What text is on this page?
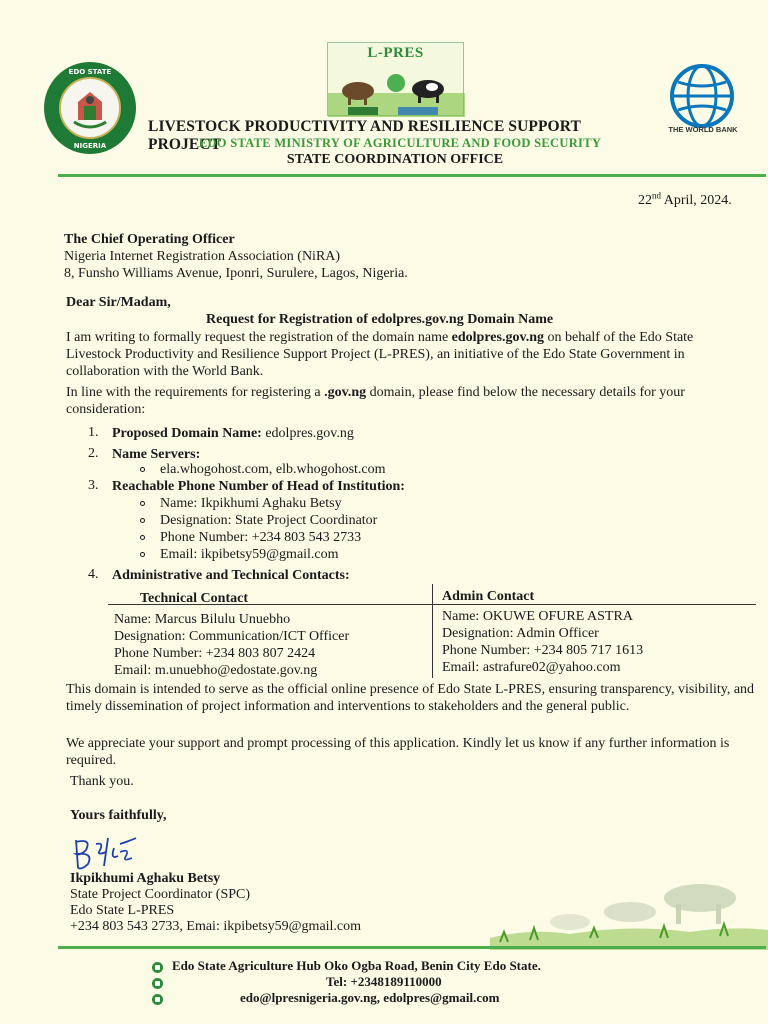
EDO STATE
NIGERIA
L-PRES
THE WORLD BANK
LIVESTOCK PRODUCTIVITY AND RESILIENCE SUPPORT PROJECT
EDO STATE MINISTRY OF AGRICULTURE AND FOOD SECURITY
STATE COORDINATION OFFICE
22nd April, 2024.
The Chief Operating Officer
Nigeria Internet Registration Association (NiRA)
8, Funsho Williams Avenue, Iponri, Surulere, Lagos, Nigeria.
Dear Sir/Madam,
Request for Registration of edolpres.gov.ng Domain Name
I am writing to formally request the registration of the domain name edolpres.gov.ng on behalf of the Edo State Livestock Productivity and Resilience Support Project (L-PRES), an initiative of the Edo State Government in collaboration with the World Bank.
In line with the requirements for registering a .gov.ng domain, please find below the necessary details for your consideration:
1. Proposed Domain Name: edolpres.gov.ng
2. Name Servers:
ela.whogohost.com, elb.whogohost.com
3. Reachable Phone Number of Head of Institution:
Name: Ikpikhumi Aghaku Betsy
Designation: State Project Coordinator
Phone Number: +234 803 543 2733
Email: ikpibetsy59@gmail.com
4. Administrative and Technical Contacts:
Technical Contact	Admin Contact
Name: Marcus Bilulu Unuebho
Designation: Communication/ICT Officer
Phone Number: +234 803 807 2424
Email: m.unuebho@edostate.gov.ng
Name: OKUWE OFURE ASTRA
Designation: Admin Officer
Phone Number: +234 805 717 1613
Email: astrafure02@yahoo.com
This domain is intended to serve as the official online presence of Edo State L-PRES, ensuring transparency, visibility, and timely dissemination of project information and interventions to stakeholders and the general public.
We appreciate your support and prompt processing of this application. Kindly let us know if any further information is required.
Thank you.
Yours faithfully,
Ikpikhumi Aghaku Betsy
State Project Coordinator (SPC)
Edo State L-PRES
+234 803 543 2733, Emai: ikpibetsy59@gmail.com
Edo State Agriculture Hub Oko Ogba Road, Benin City Edo State.
Tel: +2348189110000
edo@lpresnigeria.gov.ng, edolpres@gmail.com
